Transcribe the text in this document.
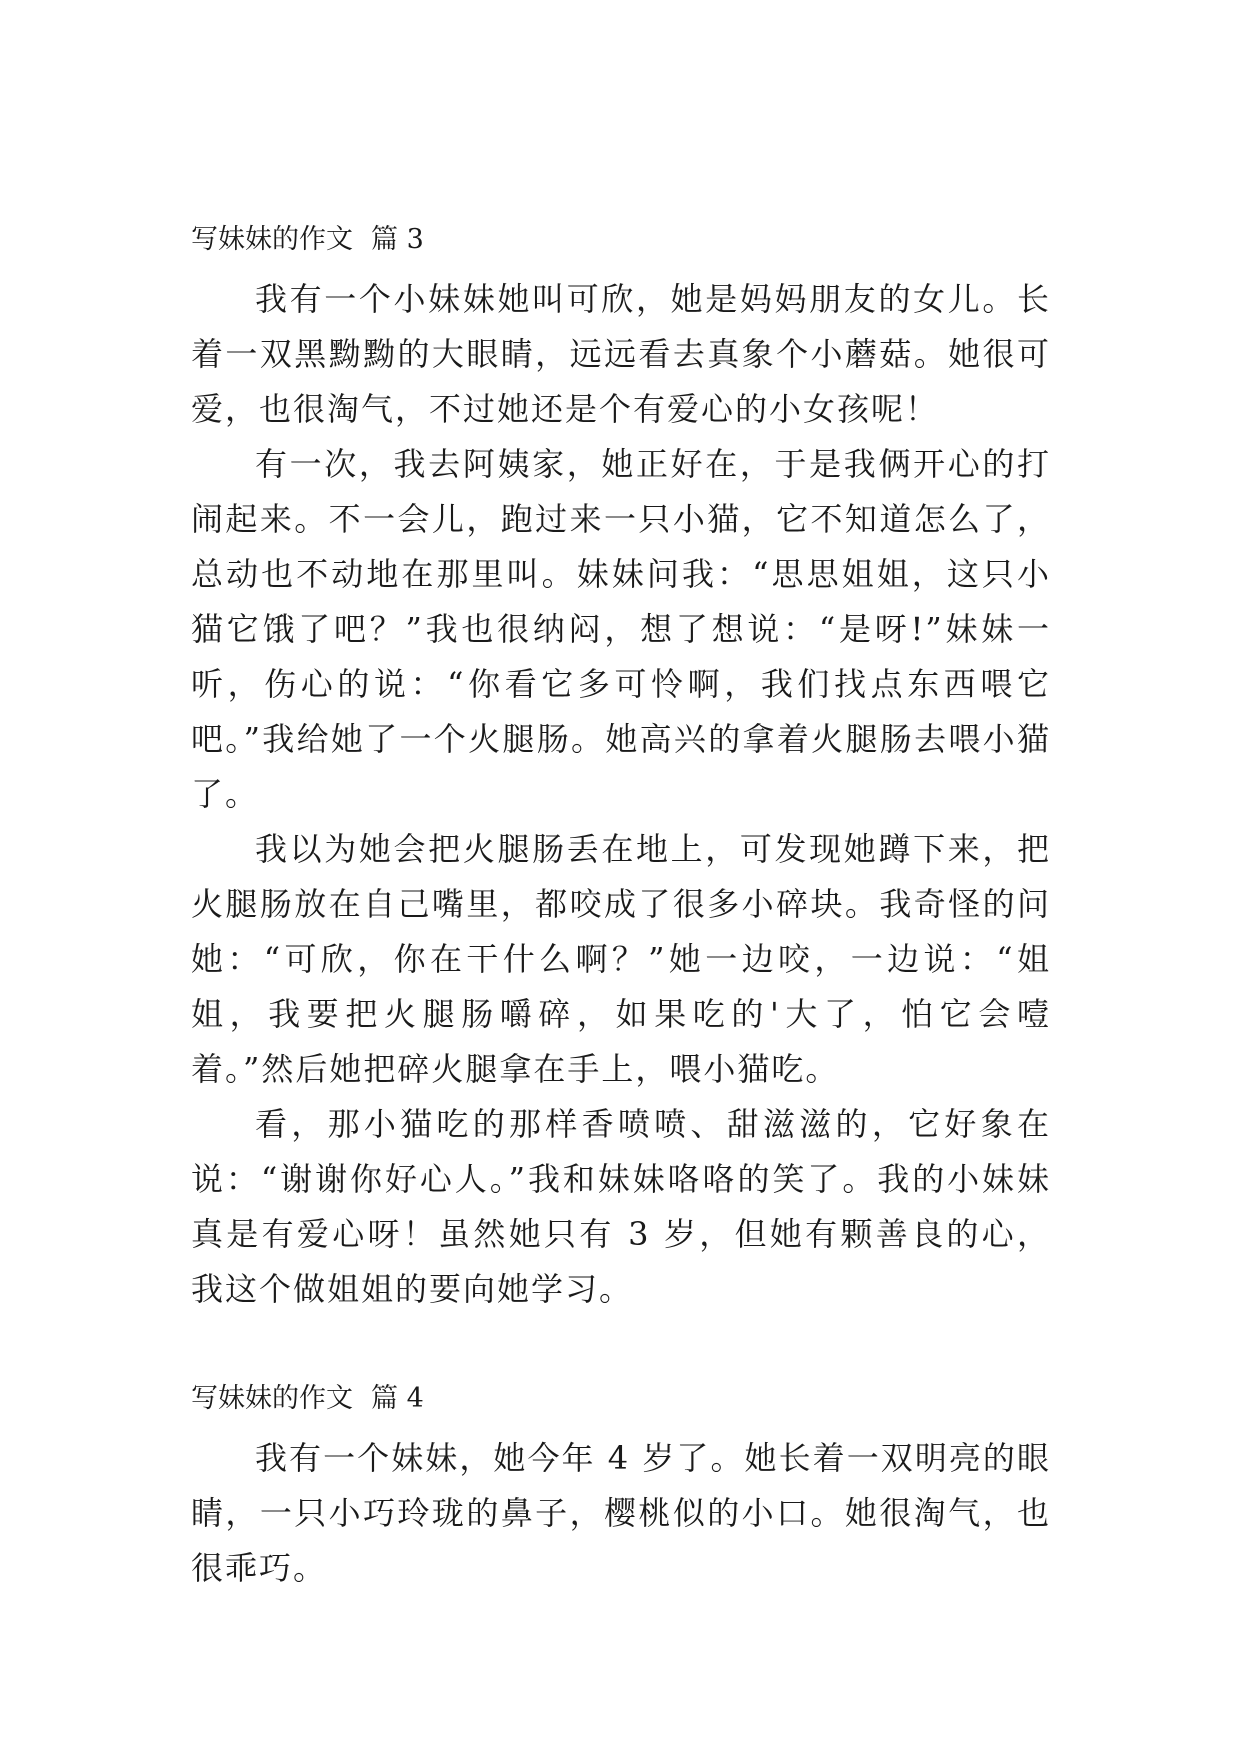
写妹妹的作文 篇 3

我有一个小妹妹她叫可欣，她是妈妈朋友的女儿。长着一双黑黝黝的大眼睛，远远看去真象个小蘑菇。她很可爱，也很淘气，不过她还是个有爱心的小女孩呢！

有一次，我去阿姨家，她正好在，于是我俩开心的打闹起来。不一会儿，跑过来一只小猫，它不知道怎么了，总动也不动地在那里叫。妹妹问我：“思思姐姐，这只小猫它饿了吧？”我也很纳闷，想了想说：“是呀!”妹妹一听，伤心的说：“你看它多可怜啊，我们找点东西喂它吧。”我给她了一个火腿肠。她高兴的拿着火腿肠去喂小猫了。

我以为她会把火腿肠丢在地上，可发现她蹲下来，把火腿肠放在自己嘴里，都咬成了很多小碎块。我奇怪的问她：“可欣，你在干什么啊？”她一边咬，一边说：“姐姐，我要把火腿肠嚼碎，如果吃的'大了，怕它会噎着。”然后她把碎火腿拿在手上，喂小猫吃。

看，那小猫吃的那样香喷喷、甜滋滋的，它好象在说：“谢谢你好心人。”我和妹妹咯咯的笑了。我的小妹妹真是有爱心呀！虽然她只有 3 岁，但她有颗善良的心，我这个做姐姐的要向她学习。

写妹妹的作文 篇 4

我有一个妹妹，她今年 4 岁了。她长着一双明亮的眼睛，一只小巧玲珑的鼻子，樱桃似的小口。她很淘气，也很乖巧。
